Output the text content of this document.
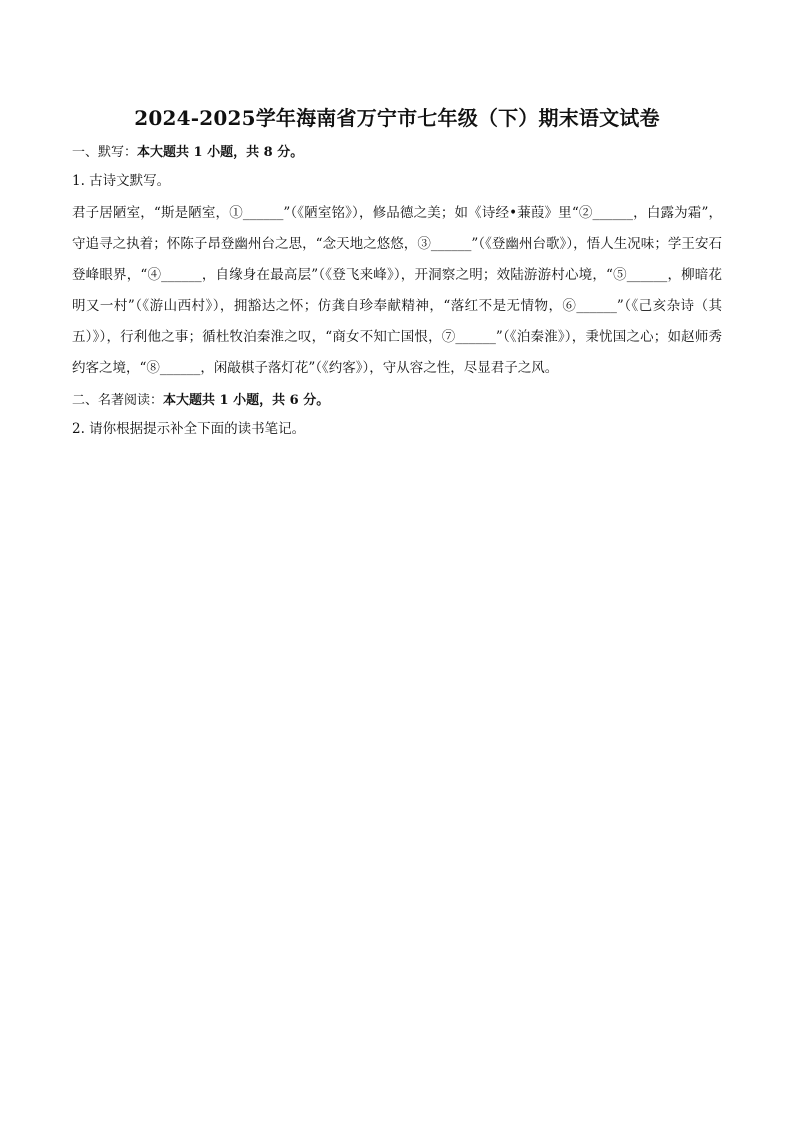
2024-2025学年海南省万宁市七年级（下）期末语文试卷
一、默写：本大题共 1 小题，共 8 分。
1. 古诗文默写。

君子居陋室，“斯是陋室，①______”（《陋室铭》），修品德之美；如《诗经•蒹葭》里“②______，白露为霜”，守追寻之执着；怀陈子昂登幽州台之思，“念天地之悠悠，③______”（《登幽州台歌》），悟人生况味；学王安石登峰眼界，“④______，自缘身在最高层”（《登飞来峰》），开洞察之明；效陆游游村心境，“⑤______，柳暗花明又一村”（《游山西村》），拥豁达之怀；仿龚自珍奉献精神，“落红不是无情物，⑥______”（《己亥杂诗（其五）》），行利他之事；循杜牧泊秦淮之叹，“商女不知亡国恨，⑦______”（《泊秦淮》），秉忧国之心；如赵师秀约客之境，“⑧______，闲敲棋子落灯花”（《约客》），守从容之性，尽显君子之风。

二、名著阅读：本大题共 1 小题，共 6 分。
2. 请你根据提示补全下面的读书笔记。
